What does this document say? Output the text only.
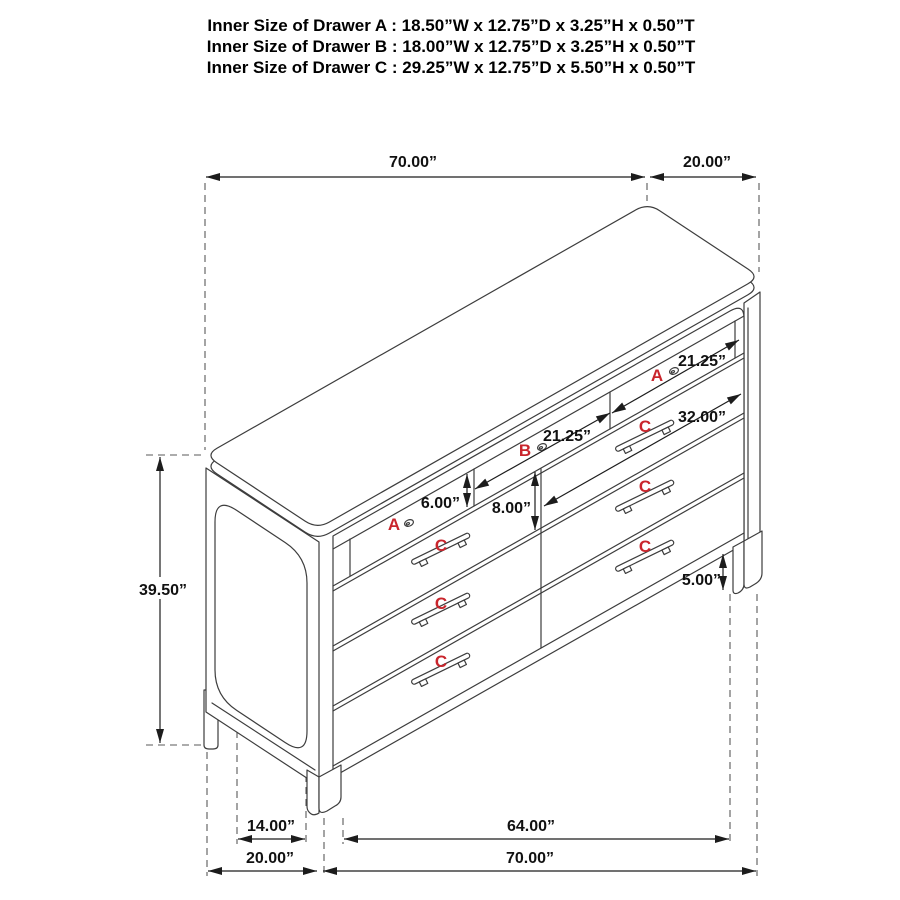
Inner Size of Drawer A : 18.50”W x 12.75”D x 3.25”H x 0.50”T
Inner Size of Drawer B : 18.00”W x 12.75”D x 3.25”H x 0.50”T
Inner Size of Drawer C : 29.25”W x 12.75”D x 5.50”H x 0.50”T
70.00”	20.00”
39.50”
21.25”
32.00”
21.25”
6.00” 8.00”
5.00”
14.00”	64.00”
20.00”	70.00”
A
B
A
C
C
C
C
C
C
